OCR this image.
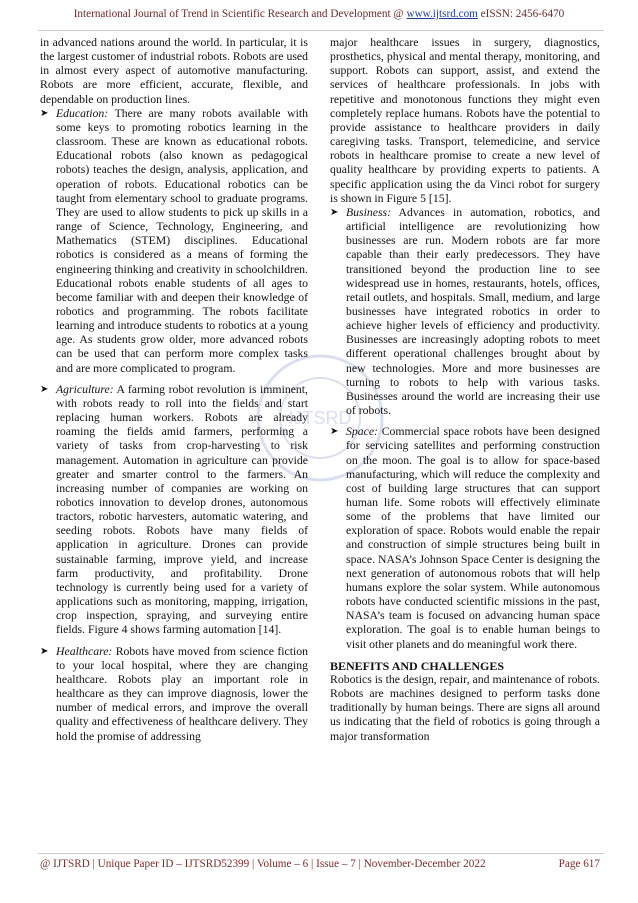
International Journal of Trend in Scientific Research and Development @ www.ijtsrd.com eISSN: 2456-6470
IJTSRD

in advanced nations around the world. In particular, it is the largest customer of industrial robots. Robots are used in almost every aspect of automotive manufacturing. Robots are more efficient, accurate, flexible, and dependable on production lines.

➤ Education: There are many robots available with some keys to promoting robotics learning in the classroom. These are known as educational robots. Educational robots (also known as pedagogical robots) teaches the design, analysis, application, and operation of robots. Educational robotics can be taught from elementary school to graduate programs. They are used to allow students to pick up skills in a range of Science, Technology, Engineering, and Mathematics (STEM) disciplines. Educational robotics is considered as a means of forming the engineering thinking and creativity in schoolchildren. Educational robots enable students of all ages to become familiar with and deepen their knowledge of robotics and programming. The robots facilitate learning and introduce students to robotics at a young age. As students grow older, more advanced robots can be used that can perform more complex tasks and are more complicated to program.
➤ Agriculture: A farming robot revolution is imminent, with robots ready to roll into the fields and start replacing human workers. Robots are already roaming the fields amid farmers, performing a variety of tasks from crop-harvesting to risk management. Automation in agriculture can provide greater and smarter control to the farmers. An increasing number of companies are working on robotics innovation to develop drones, autonomous tractors, robotic harvesters, automatic watering, and seeding robots. Robots have many fields of application in agriculture. Drones can provide sustainable farming, improve yield, and increase farm productivity, and profitability. Drone technology is currently being used for a variety of applications such as monitoring, mapping, irrigation, crop inspection, spraying, and surveying entire fields. Figure 4 shows farming automation [14].
➤ Healthcare: Robots have moved from science fiction to your local hospital, where they are changing healthcare. Robots play an important role in healthcare as they can improve diagnosis, lower the number of medical errors, and improve the overall quality and effectiveness of healthcare delivery. They hold the promise of addressing

major healthcare issues in surgery, diagnostics, prosthetics, physical and mental therapy, monitoring, and support. Robots can support, assist, and extend the services of healthcare professionals. In jobs with repetitive and monotonous functions they might even completely replace humans. Robots have the potential to provide assistance to healthcare providers in daily caregiving tasks. Transport, telemedicine, and service robots in healthcare promise to create a new level of quality healthcare by providing experts to patients. A specific application using the da Vinci robot for surgery is shown in Figure 5 [15].

➤ Business: Advances in automation, robotics, and artificial intelligence are revolutionizing how businesses are run. Modern robots are far more capable than their early predecessors. They have transitioned beyond the production line to see widespread use in homes, restaurants, hotels, offices, retail outlets, and hospitals. Small, medium, and large businesses have integrated robotics in order to achieve higher levels of efficiency and productivity. Businesses are increasingly adopting robots to meet different operational challenges brought about by new technologies. More and more businesses are turning to robots to help with various tasks. Businesses around the world are increasing their use of robots.
➤ Space: Commercial space robots have been designed for servicing satellites and performing construction on the moon. The goal is to allow for space-based manufacturing, which will reduce the complexity and cost of building large structures that can support human life. Some robots will effectively eliminate some of the problems that have limited our exploration of space. Robots would enable the repair and construction of simple structures being built in space. NASA’s Johnson Space Center is designing the next generation of autonomous robots that will help humans explore the solar system. While autonomous robots have conducted scientific missions in the past, NASA’s team is focused on advancing human space exploration. The goal is to enable human beings to visit other planets and do meaningful work there.

BENEFITS AND CHALLENGES

Robotics is the design, repair, and maintenance of robots. Robots are machines designed to perform tasks done traditionally by human beings. There are signs all around us indicating that the field of robotics is going through a major transformation

@ IJTSRD | Unique Paper ID – IJTSRD52399 | Volume – 6 | Issue – 7 | November-December 2022	Page 617
